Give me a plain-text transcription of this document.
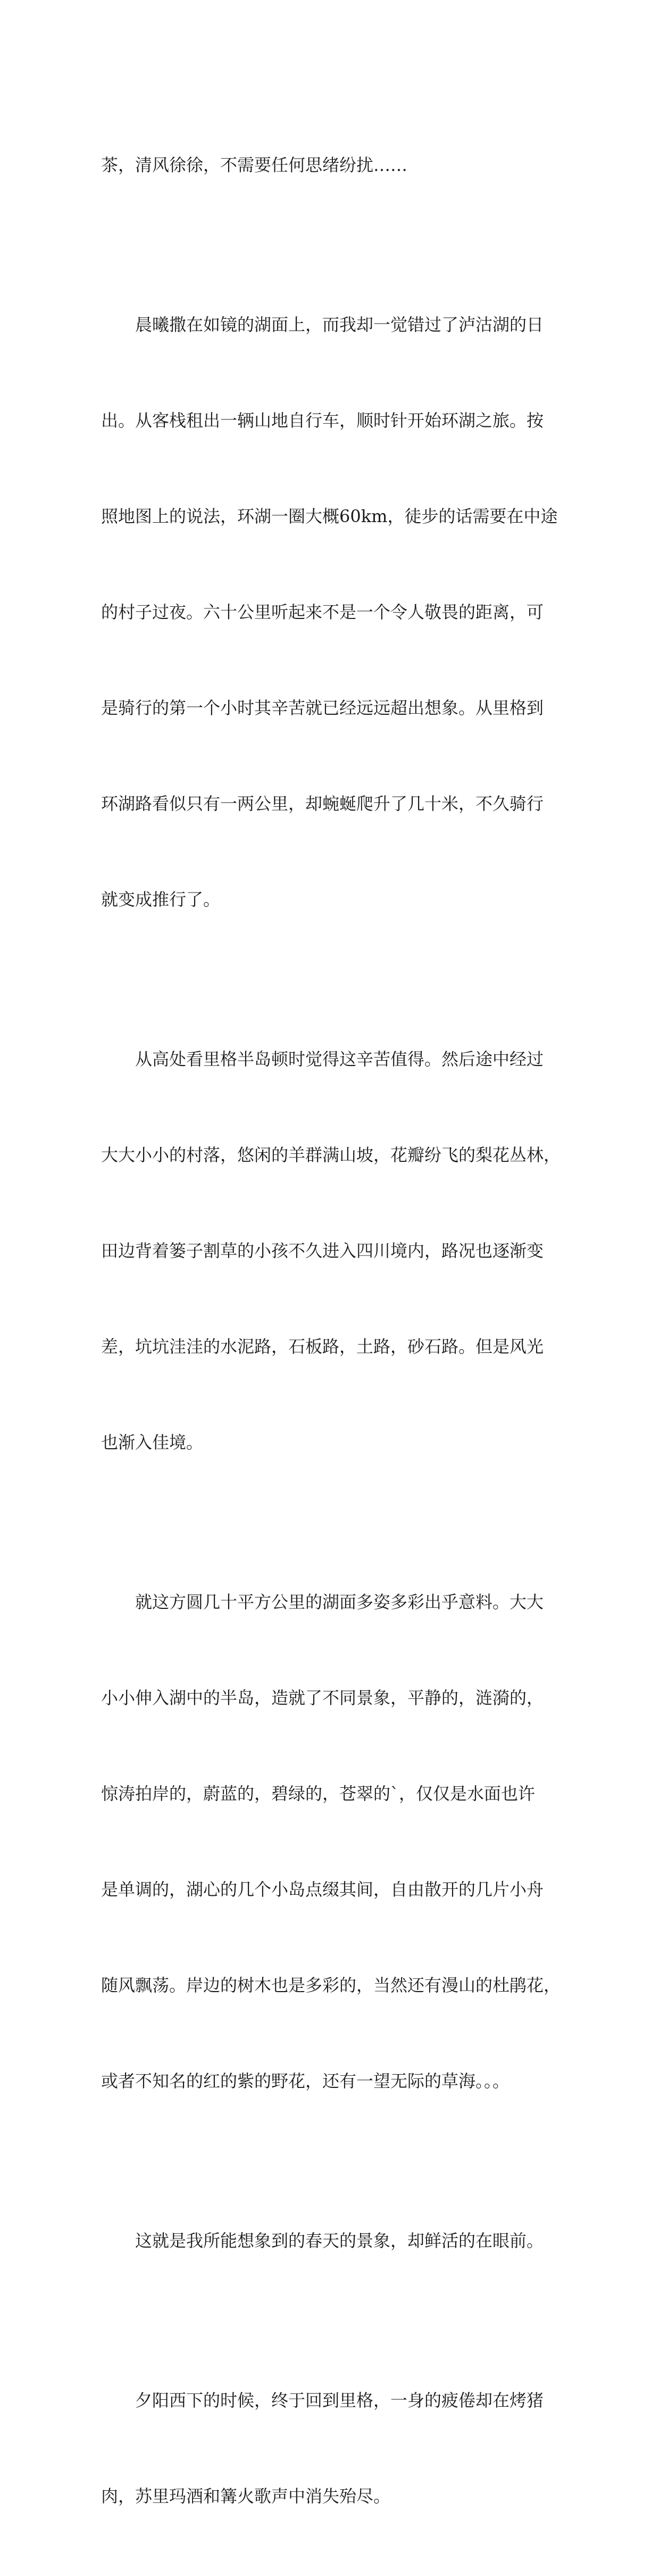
茶，清风徐徐，不需要任何思绪纷扰……

晨曦撒在如镜的湖面上，而我却一觉错过了泸沽湖的日

出。从客栈租出一辆山地自行车，顺时针开始环湖之旅。按

照地图上的说法，环湖一圈大概60km，徒步的话需要在中途

的村子过夜。六十公里听起来不是一个令人敬畏的距离，可

是骑行的第一个小时其辛苦就已经远远超出想象。从里格到

环湖路看似只有一两公里，却蜿蜒爬升了几十米，不久骑行

就变成推行了。

从高处看里格半岛顿时觉得这辛苦值得。然后途中经过

大大小小的村落，悠闲的羊群满山坡，花瓣纷飞的梨花丛林，

田边背着篓子割草的小孩不久进入四川境内，路况也逐渐变

差，坑坑洼洼的水泥路，石板路，土路，砂石路。但是风光

也渐入佳境。

就这方圆几十平方公里的湖面多姿多彩出乎意料。大大

小小伸入湖中的半岛，造就了不同景象，平静的，涟漪的，

惊涛拍岸的，蔚蓝的，碧绿的，苍翠的`，仅仅是水面也许

是单调的，湖心的几个小岛点缀其间，自由散开的几片小舟

随风飘荡。岸边的树木也是多彩的，当然还有漫山的杜鹃花，

或者不知名的红的紫的野花，还有一望无际的草海。。。

这就是我所能想象到的春天的景象，却鲜活的在眼前。

夕阳西下的时候，终于回到里格，一身的疲倦却在烤猪

肉，苏里玛酒和篝火歌声中消失殆尽。
